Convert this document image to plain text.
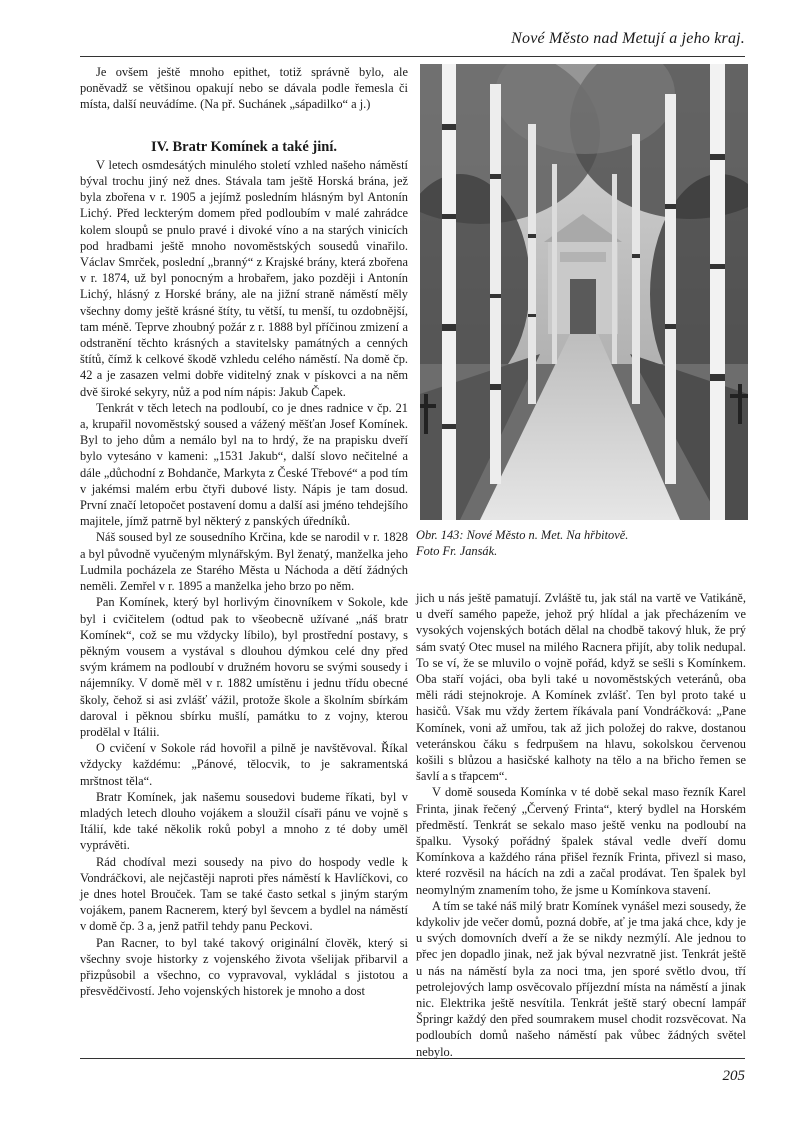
Nové Město nad Metují a jeho kraj.

Je ovšem ještě mnoho epithet, totiž správně bylo, ale poněvadž se většinou opakují nebo se dávala podle řemesla či místa, další neuvádíme. (Na př. Suchánek „sápadilko“ a j.)

IV. Bratr Komínek a také jiní.

V letech osmdesátých minulého století vzhled našeho náměstí býval trochu jiný než dnes. Stávala tam ještě Horská brána, jež byla zbořena v r. 1905 a jejímž posledním hlásným byl Antonín Lichý. Před leckterým domem před podloubím v malé zahrádce kolem sloupů se pnulo pravé i divoké víno a na starých vinicích pod hradbami ještě mnoho novoměstských sousedů vinařilo. Václav Smrček, poslední „branný“ z Krajské brány, která zbořena v r. 1874, už byl ponocným a hrobařem, jako později i Antonín Lichý, hlásný z Horské brány, ale na jižní straně náměstí měly všechny domy ještě krásné štíty, tu větší, tu menší, tu ozdobnější, tam méně. Teprve zhoubný požár z r. 1888 byl příčinou zmizení a odstranění těchto krásných a stavitelsky památných a cenných štítů, čímž k celkové škodě vzhledu celého náměstí. Na domě čp. 42 a je zasazen velmi dobře viditelný znak v pískovci a na něm dvě široké sekyry, nůž a pod ním nápis: Jakub Čapek.

Tenkrát v těch letech na podloubí, co je dnes radnice v čp. 21 a, krupařil novoměstský soused a vážený měšťan Josef Komínek. Byl to jeho dům a nemálo byl na to hrdý, že na prapisku dveří bylo vytesáno v kameni: „1531 Jakub“, další slovo nečitelné a dále „důchodní z Bohdanče, Markyta z České Třebové“ a pod tím v jakémsi malém erbu čtyři dubové listy. Nápis je tam dosud. První značí letopočet postavení domu a další asi jméno tehdejšího majitele, jímž patrně byl některý z panských úředníků.

Náš soused byl ze sousedního Krčina, kde se narodil v r. 1828 a byl původně vyučeným mlynářským. Byl ženatý, manželka jeho Ludmila pocházela ze Starého Města u Náchoda a dětí žádných neměli. Zemřel v r. 1895 a manželka jeho brzo po něm.

Pan Komínek, který byl horlivým činovníkem v Sokole, kde byl i cvičitelem (odtud pak to všeobecně užívané „náš bratr Komínek“, což se mu vždycky líbilo), byl prostřední postavy, s pěkným vousem a vystával s dlouhou dýmkou celé dny před svým krámem na podloubí v družném hovoru se svými sousedy i nájemníky. V domě měl v r. 1882 umístěnu i jednu třídu obecné školy, čehož si asi zvlášť vážil, protože škole a školním sbírkám daroval i pěknou sbírku mušlí, památku to z vojny, kterou prodělal v Itálii.

O cvičení v Sokole rád hovořil a pilně je navštěvoval. Říkal vždycky každému: „Pánové, tělocvik, to je sakramentská mrštnost těla“.

Bratr Komínek, jak našemu sousedovi budeme říkati, byl v mladých letech dlouho vojákem a sloužil císaři pánu ve vojně s Itálií, kde také několik roků pobyl a mnoho z té doby uměl vyprávěti.

Rád chodíval mezi sousedy na pivo do hospody vedle k Vondráčkovi, ale nejčastěji naproti přes náměstí k Havlíčkovi, co je dnes hotel Brouček. Tam se také často setkal s jiným starým vojákem, panem Racnerem, který byl ševcem a bydlel na náměstí v domě čp. 3 a, jenž patřil tehdy panu Peckovi.

Pan Racner, to byl také takový originální člověk, který si všechny svoje historky z vojenského života všelijak přibarvil a přizpůsobil a všechno, co vypravoval, vykládal s jistotou a přesvědčivostí. Jeho vojenských historek je mnoho a dost

Obr. 143: Nové Město n. Met. Na hřbitově.
Foto Fr. Jansák.

jich u nás ještě pamatují. Zvláště tu, jak stál na vartě ve Vatikáně, u dveří samého papeže, jehož prý hlídal a jak přecházením ve vysokých vojenských botách dělal na chodbě takový hluk, že prý sám svatý Otec musel na milého Racnera přijít, aby tolik nedupal. To se ví, že se mluvilo o vojně pořád, když se sešli s Komínkem. Oba staří vojáci, oba byli také u novoměstských veteránů, oba měli rádi stejnokroje. A Komínek zvlášť. Ten byl proto také u hasičů. Však mu vždy žertem říkávala paní Vondráčková: „Pane Komínek, voni až umřou, tak až jich položej do rakve, dostanou veteránskou čáku s fedrpušem na hlavu, sokolskou červenou košili s blůzou a hasičské kalhoty na tělo a na břicho řemen se šavlí a s třapcem“.

V domě souseda Komínka v té době sekal maso řezník Karel Frinta, jinak řečený „Červený Frinta“, který bydlel na Horském předměstí. Tenkrát se sekalo maso ještě venku na podloubí na špalku. Vysoký pořádný špalek stával vedle dveří domu Komínkova a každého rána přišel řezník Frinta, přivezl si maso, které rozvěsil na hácích na zdi a začal prodávat. Ten špalek byl neomylným znamením toho, že jsme u Komínkova stavení.

A tím se také náš milý bratr Komínek vynášel mezi sousedy, že kdykoliv jde večer domů, pozná dobře, ať je tma jaká chce, kdy je u svých domovních dveří a že se nikdy nezmýlí. Ale jednou to přec jen dopadlo jinak, než jak býval nezvratně jist. Tenkrát ještě u nás na náměstí byla za noci tma, jen sporé světlo dvou, tří petrolejových lamp osvěcovalo příjezdní místa na náměstí a jinak nic. Elektrika ještě nesvítila. Tenkrát ještě starý obecní lampář Špringr každý den před soumrakem musel chodit rozsvěcovat. Na podloubích domů našeho náměstí pak vůbec žádných světel nebylo.

205
